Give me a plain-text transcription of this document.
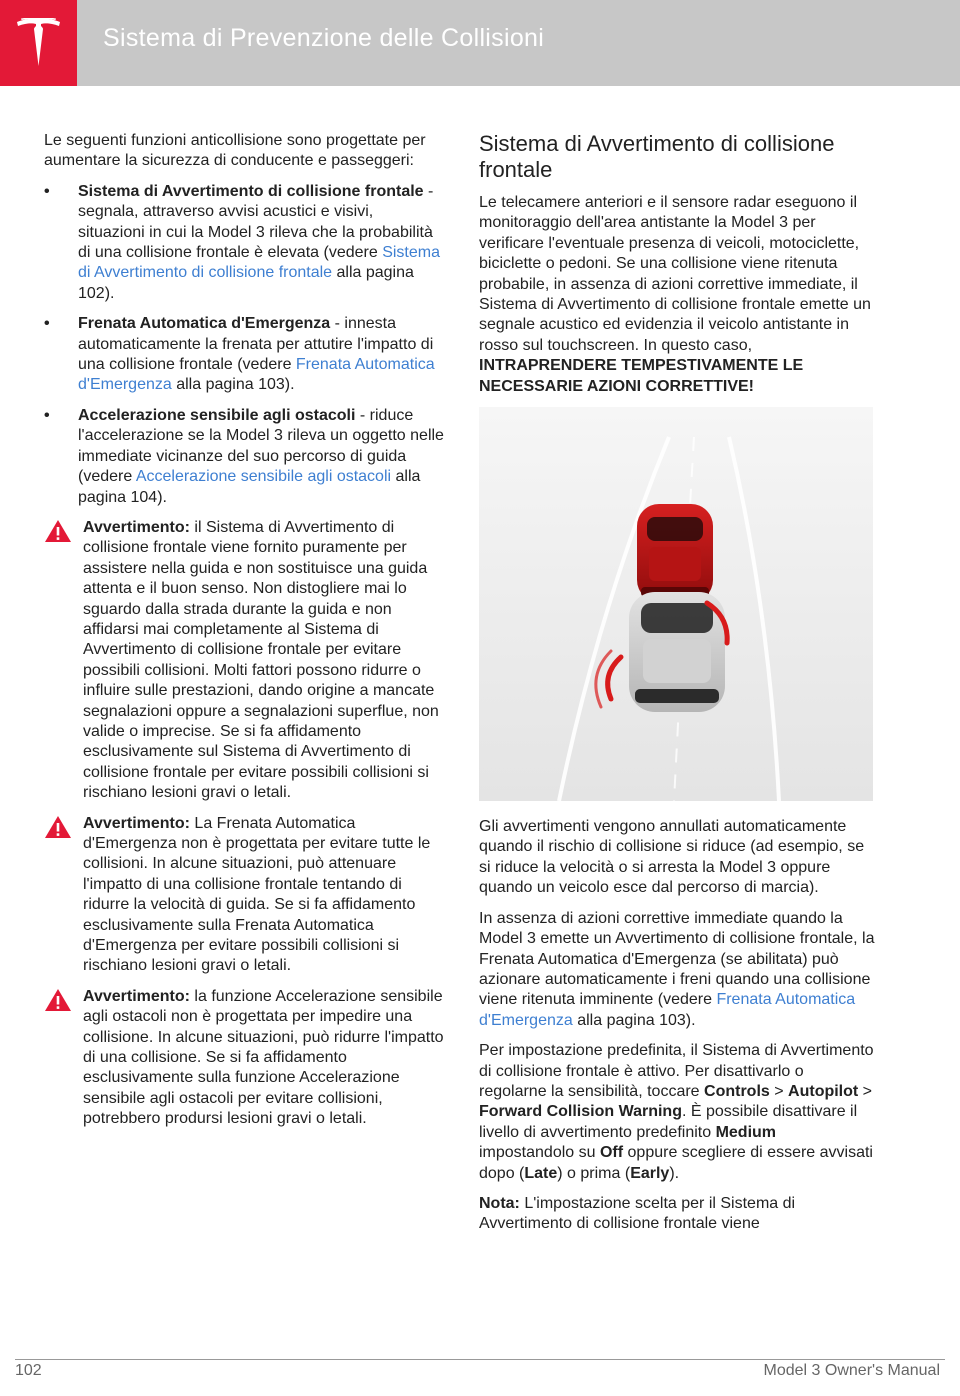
Sistema di Prevenzione delle Collisioni

Le seguenti funzioni anticollisione sono progettate per aumentare la sicurezza di conducente e passeggeri:

• Sistema di Avvertimento di collisione frontale - segnala, attraverso avvisi acustici e visivi, situazioni in cui la Model 3 rileva che la probabilità di una collisione frontale è elevata (vedere Sistema di Avvertimento di collisione frontale alla pagina 102).
• Frenata Automatica d'Emergenza - innesta automaticamente la frenata per attutire l'impatto di una collisione frontale (vedere Frenata Automatica d'Emergenza alla pagina 103).
• Accelerazione sensibile agli ostacoli - riduce l'accelerazione se la Model 3 rileva un oggetto nelle immediate vicinanze del suo percorso di guida (vedere Accelerazione sensibile agli ostacoli alla pagina 104).
Avvertimento: il Sistema di Avvertimento di collisione frontale viene fornito puramente per assistere nella guida e non sostituisce una guida attenta e il buon senso. Non distogliere mai lo sguardo dalla strada durante la guida e non affidarsi mai completamente al Sistema di Avvertimento di collisione frontale per evitare possibili collisioni. Molti fattori possono ridurre o influire sulle prestazioni, dando origine a mancate segnalazioni oppure a segnalazioni superflue, non valide o imprecise. Se si fa affidamento esclusivamente sul Sistema di Avvertimento di collisione frontale per evitare possibili collisioni si rischiano lesioni gravi o letali.
Avvertimento: La Frenata Automatica d'Emergenza non è progettata per evitare tutte le collisioni. In alcune situazioni, può attenuare l'impatto di una collisione frontale tentando di ridurre la velocità di guida. Se si fa affidamento esclusivamente sulla Frenata Automatica d'Emergenza per evitare possibili collisioni si rischiano lesioni gravi o letali.
Avvertimento: la funzione Accelerazione sensibile agli ostacoli non è progettata per impedire una collisione. In alcune situazioni, può ridurre l'impatto di una collisione. Se si fa affidamento esclusivamente sulla funzione Accelerazione sensibile agli ostacoli per evitare collisioni, potrebbero prodursi lesioni gravi o letali.
Sistema di Avvertimento di collisione frontale

Le telecamere anteriori e il sensore radar eseguono il monitoraggio dell'area antistante la Model 3 per verificare l'eventuale presenza di veicoli, motociclette, biciclette o pedoni. Se una collisione viene ritenuta probabile, in assenza di azioni correttive immediate, il Sistema di Avvertimento di collisione frontale emette un segnale acustico ed evidenzia il veicolo antistante in rosso sul touchscreen. In questo caso, INTRAPRENDERE TEMPESTIVAMENTE LE NECESSARIE AZIONI CORRETTIVE!

Gli avvertimenti vengono annullati automaticamente quando il rischio di collisione si riduce (ad esempio, se si riduce la velocità o si arresta la Model 3 oppure quando un veicolo esce dal percorso di marcia).

In assenza di azioni correttive immediate quando la Model 3 emette un Avvertimento di collisione frontale, la Frenata Automatica d'Emergenza (se abilitata) può azionare automaticamente i freni quando una collisione viene ritenuta imminente (vedere Frenata Automatica d'Emergenza alla pagina 103).

Per impostazione predefinita, il Sistema di Avvertimento di collisione frontale è attivo. Per disattivarlo o regolarne la sensibilità, toccare Controls > Autopilot > Forward Collision Warning. È possibile disattivare il livello di avvertimento predefinito Medium impostandolo su Off oppure scegliere di essere avvisati dopo (Late) o prima (Early).

Nota: L'impostazione scelta per il Sistema di Avvertimento di collisione frontale viene

102	Model 3 Owner's Manual
